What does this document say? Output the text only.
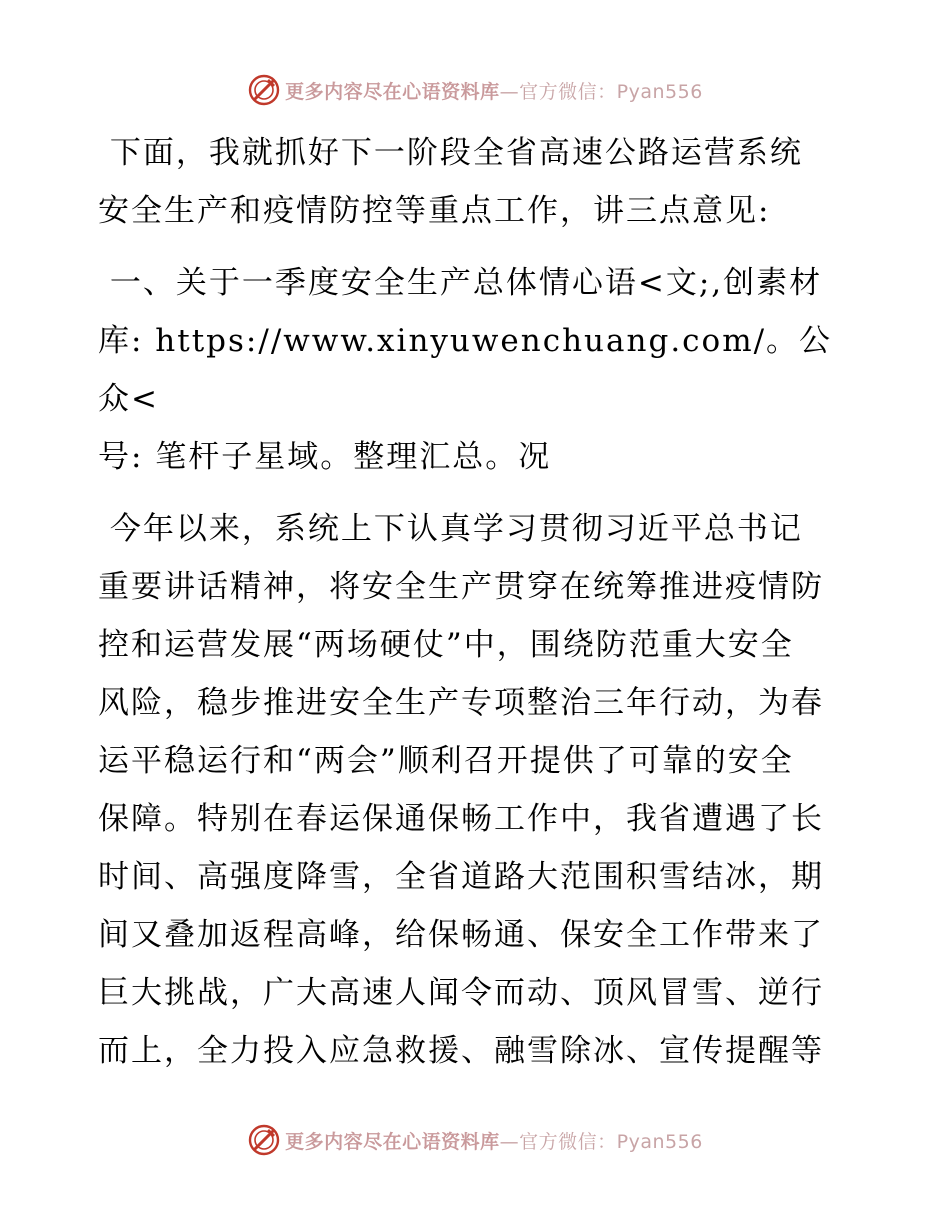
更多内容尽在心语资料库—官方微信：Pyan556

下面，我就抓好下一阶段全省高速公路运营系统
安全生产和疫情防控等重点工作，讲三点意见:

一、关于一季度安全生产总体情心语<文;,创素材
库: https://www.xinyuwenchuang.com/。公众<
号: 笔杆子星域。整理汇总。况

今年以来，系统上下认真学习贯彻习近平总书记
重要讲话精神，将安全生产贯穿在统筹推进疫情防
控和运营发展“两场硬仗”中，围绕防范重大安全
风险，稳步推进安全生产专项整治三年行动，为春
运平稳运行和“两会”顺利召开提供了可靠的安全
保障。特别在春运保通保畅工作中，我省遭遇了长
时间、高强度降雪，全省道路大范围积雪结冰，期
间又叠加返程高峰，给保畅通、保安全工作带来了
巨大挑战，广大高速人闻令而动、顶风冒雪、逆行
而上，全力投入应急救援、融雪除冰、宣传提醒等

更多内容尽在心语资料库—官方微信：Pyan556
